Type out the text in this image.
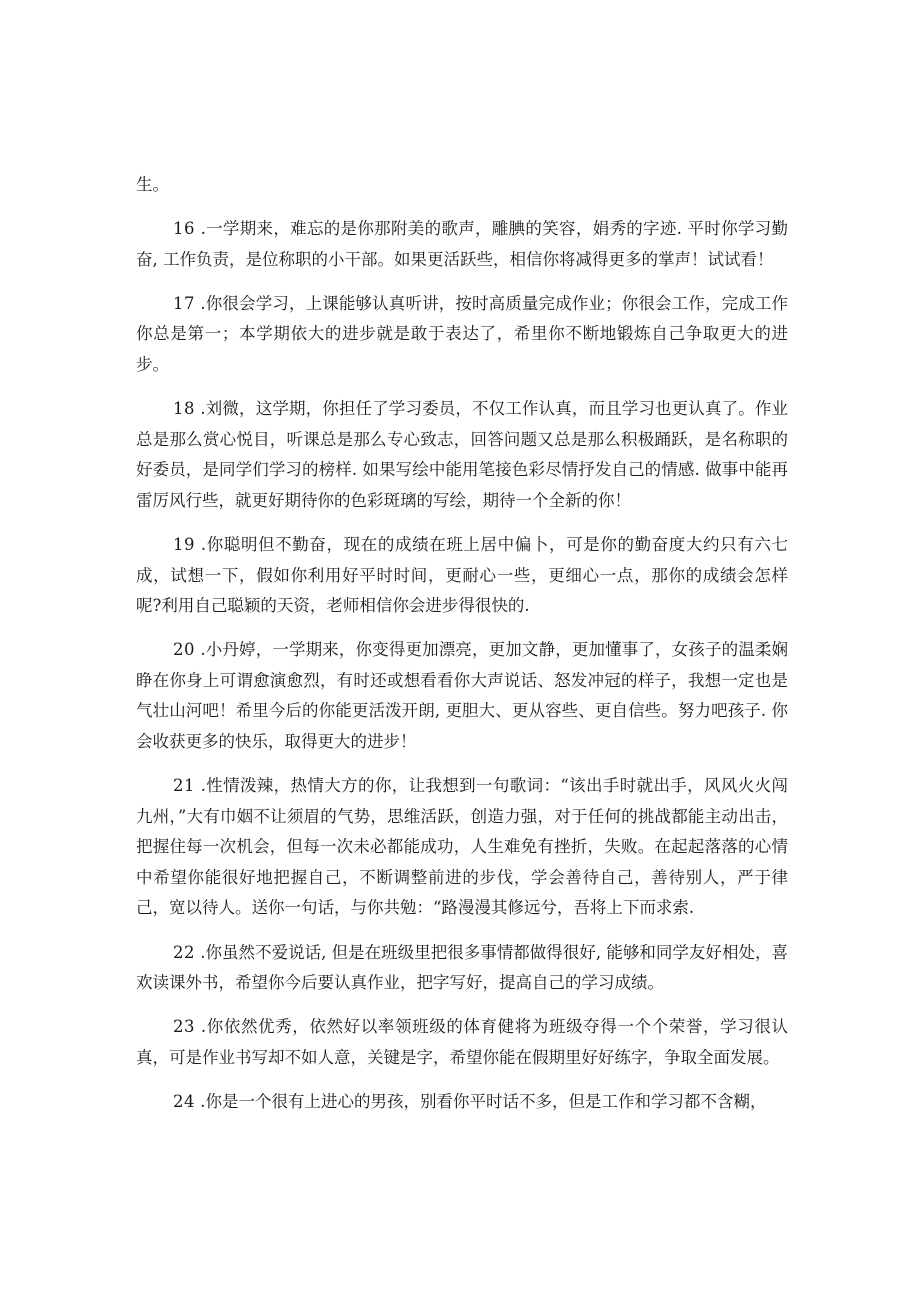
生。

16 .一学期来，难忘的是你那附美的歌声，雕腆的笑容，娟秀的字迹. 平时你学习勤奋, 工作负责，是位称职的小干部。如果更活跃些，相信你将减得更多的掌声！试试看！

17 .你很会学习，上课能够认真听讲，按时高质量完成作业；你很会工作，完成工作你总是第一；本学期依大的进步就是敢于表达了，希里你不断地锻炼自己争取更大的进步。

18 .刘微，这学期，你担任了学习委员，不仅工作认真，而且学习也更认真了。作业总是那么赏心悦目，听课总是那么专心致志，回答问题又总是那么积极踊跃，是名称职的好委员，是同学们学习的榜样. 如果写绘中能用笔接色彩尽情抒发自己的情感. 做事中能再雷厉风行些，就更好期待你的色彩斑璃的写绘，期待一个全新的你！

19 .你聪明但不勤奋，现在的成绩在班上居中偏卜，可是你的勤奋度大约只有六七成，试想一下，假如你利用好平时时间，更耐心一些，更细心一点，那你的成绩会怎样呢?利用自己聪颖的天资，老师相信你会进步得很快的.

20 .小丹婷，一学期来，你变得更加漂亮，更加文静，更加懂事了，女孩子的温柔娴睁在你身上可谓愈演愈烈，有时还或想看看你大声说话、怒发冲冠的样子，我想一定也是气壮山河吧！希里今后的你能更活泼开朗, 更胆大、更从容些、更自信些。努力吧孩子. 你会收获更多的快乐，取得更大的进步！

21 .性情泼辣，热情大方的你，让我想到一句歌词：“该出手时就出手，风风火火闯九州，”大有巾姻不让须眉的气势，思维活跃，创造力强，对于任何的挑战都能主动出击，把握住每一次机会，但每一次未必都能成功，人生难免有挫折，失败。在起起落落的心情中希望你能很好地把握自己，不断调整前进的步伐，学会善待自己，善待别人，严于律己，宽以待人。送你一句话，与你共勉：“路漫漫其修远兮，吾将上下而求索.

22 .你虽然不爱说话, 但是在班级里把很多事情都做得很好, 能够和同学友好相处，喜欢读课外书，希望你今后要认真作业，把字写好，提高自己的学习成绩。

23 .你依然优秀，依然好以率领班级的体育健将为班级夺得一个个荣誉，学习很认真，可是作业书写却不如人意，关键是字，希望你能在假期里好好练字，争取全面发展。

24 .你是一个很有上进心的男孩，别看你平时话不多，但是工作和学习都不含糊，
